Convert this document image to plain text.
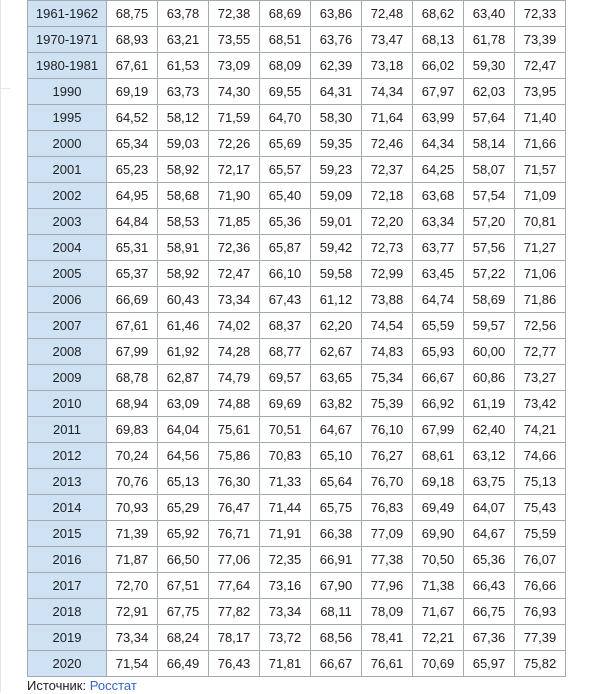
1961-1962	68,75	63,78	72,38	68,69	63,86	72,48	68,62	63,40	72,33
1970-1971	68,93	63,21	73,55	68,51	63,76	73,47	68,13	61,78	73,39
1980-1981	67,61	61,53	73,09	68,09	62,39	73,18	66,02	59,30	72,47
1990	69,19	63,73	74,30	69,55	64,31	74,34	67,97	62,03	73,95
1995	64,52	58,12	71,59	64,70	58,30	71,64	63,99	57,64	71,40
2000	65,34	59,03	72,26	65,69	59,35	72,46	64,34	58,14	71,66
2001	65,23	58,92	72,17	65,57	59,23	72,37	64,25	58,07	71,57
2002	64,95	58,68	71,90	65,40	59,09	72,18	63,68	57,54	71,09
2003	64,84	58,53	71,85	65,36	59,01	72,20	63,34	57,20	70,81
2004	65,31	58,91	72,36	65,87	59,42	72,73	63,77	57,56	71,27
2005	65,37	58,92	72,47	66,10	59,58	72,99	63,45	57,22	71,06
2006	66,69	60,43	73,34	67,43	61,12	73,88	64,74	58,69	71,86
2007	67,61	61,46	74,02	68,37	62,20	74,54	65,59	59,57	72,56
2008	67,99	61,92	74,28	68,77	62,67	74,83	65,93	60,00	72,77
2009	68,78	62,87	74,79	69,57	63,65	75,34	66,67	60,86	73,27
2010	68,94	63,09	74,88	69,69	63,82	75,39	66,92	61,19	73,42
2011	69,83	64,04	75,61	70,51	64,67	76,10	67,99	62,40	74,21
2012	70,24	64,56	75,86	70,83	65,10	76,27	68,61	63,12	74,66
2013	70,76	65,13	76,30	71,33	65,64	76,70	69,18	63,75	75,13
2014	70,93	65,29	76,47	71,44	65,75	76,83	69,49	64,07	75,43
2015	71,39	65,92	76,71	71,91	66,38	77,09	69,90	64,67	75,59
2016	71,87	66,50	77,06	72,35	66,91	77,38	70,50	65,36	76,07
2017	72,70	67,51	77,64	73,16	67,90	77,96	71,38	66,43	76,66
2018	72,91	67,75	77,82	73,34	68,11	78,09	71,67	66,75	76,93
2019	73,34	68,24	78,17	73,72	68,56	78,41	72,21	67,36	77,39
2020	71,54	66,49	76,43	71,81	66,67	76,61	70,69	65,97	75,82
Источник: Росстат
